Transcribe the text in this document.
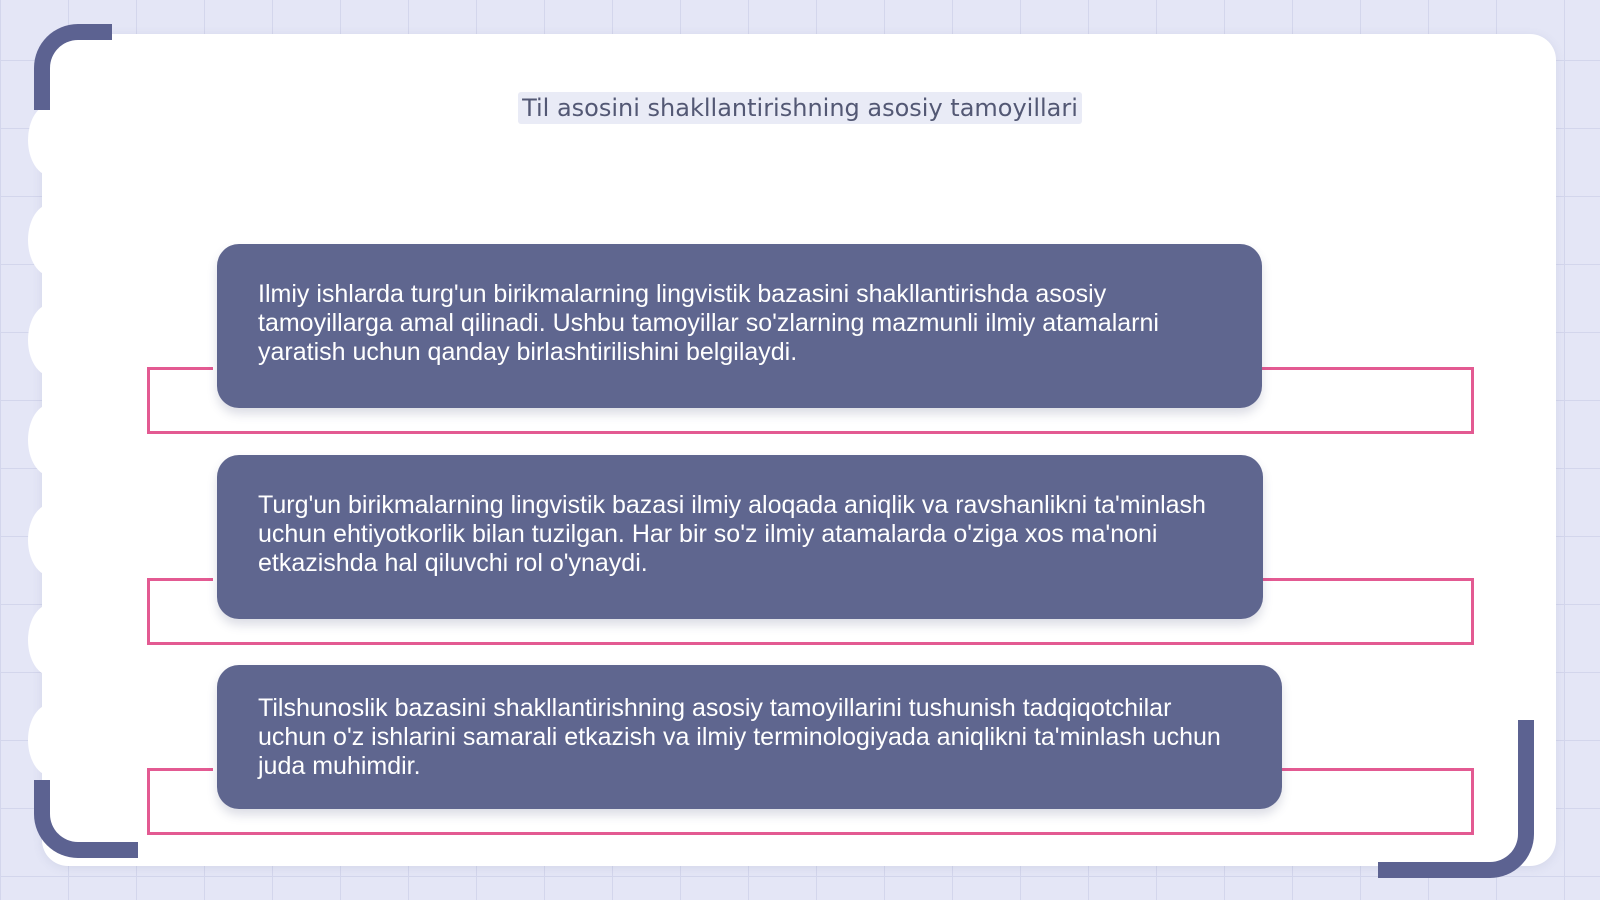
Til asosini shakllantirishning asosiy tamoyillari
Ilmiy ishlarda turg'un birikmalarning lingvistik bazasini shakllantirishda asosiy tamoyillarga amal qilinadi. Ushbu tamoyillar so'zlarning mazmunli ilmiy atamalarni yaratish uchun qanday birlashtirilishini belgilaydi.
Turg'un birikmalarning lingvistik bazasi ilmiy aloqada aniqlik va ravshanlikni ta'minlash uchun ehtiyotkorlik bilan tuzilgan. Har bir so'z ilmiy atamalarda o'ziga xos ma'noni etkazishda hal qiluvchi rol o'ynaydi.
Tilshunoslik bazasini shakllantirishning asosiy tamoyillarini tushunish tadqiqotchilar uchun o'z ishlarini samarali etkazish va ilmiy terminologiyada aniqlikni ta'minlash uchun juda muhimdir.
